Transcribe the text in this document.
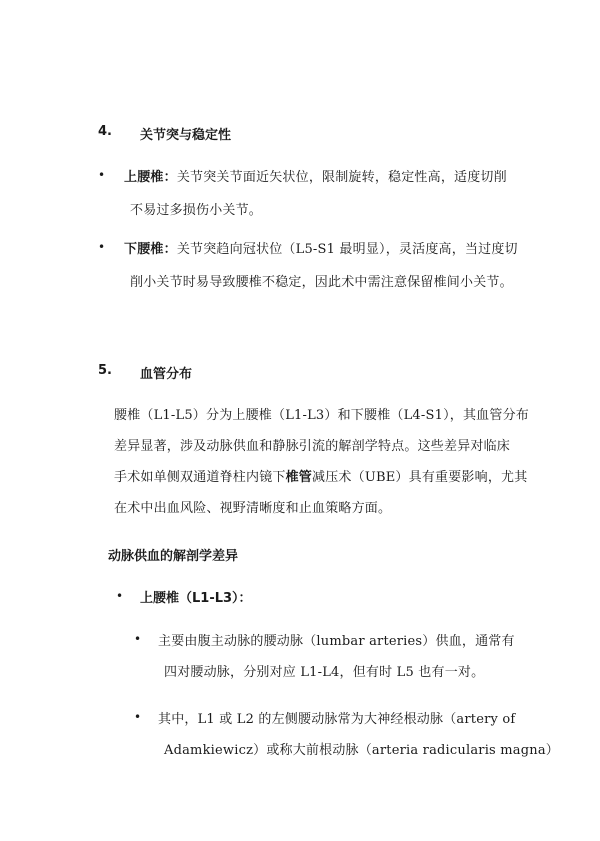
4. 关节突与稳定性
• 上腰椎：关节突关节面近矢状位，限制旋转，稳定性高，适度切削
不易过多损伤小关节。
• 下腰椎：关节突趋向冠状位（L5-S1 最明显），灵活度高，当过度切
削小关节时易导致腰椎不稳定，因此术中需注意保留椎间小关节。
5. 血管分布
腰椎（L1-L5）分为上腰椎（L1-L3）和下腰椎（L4-S1），其血管分布
差异显著，涉及动脉供血和静脉引流的解剖学特点。这些差异对临床
手术如单侧双通道脊柱内镜下椎管减压术（UBE）具有重要影响，尤其
在术中出血风险、视野清晰度和止血策略方面。
动脉供血的解剖学差异
• 上腰椎（L1-L3）：
• 主要由腹主动脉的腰动脉（lumbar arteries）供血，通常有
四对腰动脉，分别对应 L1-L4，但有时 L5 也有一对。
• 其中，L1 或 L2 的左侧腰动脉常为大神经根动脉（artery of
Adamkiewicz）或称大前根动脉（arteria radicularis magna）
